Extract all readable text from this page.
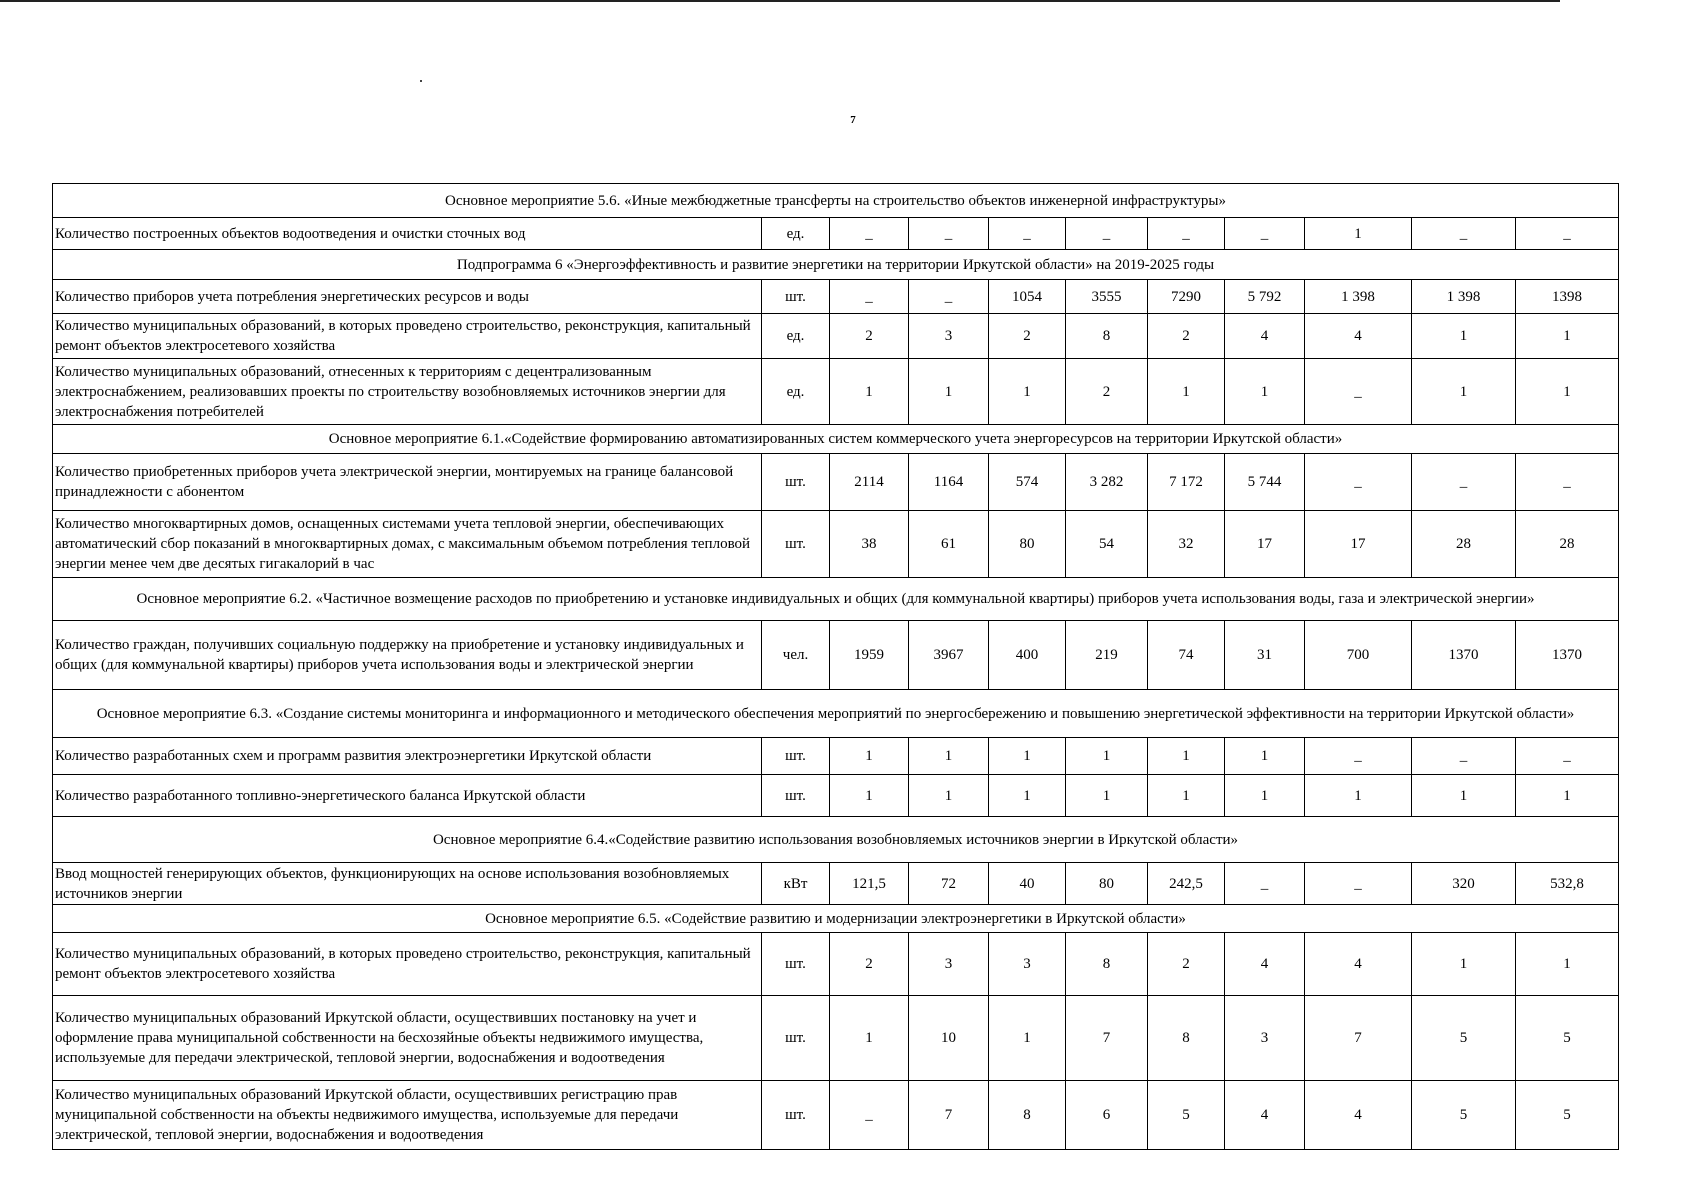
7
Основное мероприятие 5.6. «Иные межбюджетные трансферты на строительство объектов инженерной инфраструктуры»										
Количество построенных объектов водоотведения и очистки сточных вод	ед.	_	_	_	_	_	_	1	_	_
Подпрограмма 6 «Энергоэффективность и развитие энергетики на территории Иркутской области» на 2019-2025 годы										
Количество приборов учета потребления энергетических ресурсов и воды	шт.	_	_	1054	3555	7290	5 792	1 398	1 398	1398
Количество муниципальных образований, в которых проведено строительство, реконструкция, капитальный ремонт объектов электросетевого хозяйства	ед.	2	3	2	8	2	4	4	1	1
Количество муниципальных образований, отнесенных к территориям с децентрализованным электроснабжением, реализовавших проекты по строительству возобновляемых источников энергии для электроснабжения потребителей	ед.	1	1	1	2	1	1	_	1	1
Основное мероприятие 6.1.«Содействие формированию автоматизированных систем коммерческого учета энергоресурсов на территории Иркутской области»										
Количество приобретенных приборов учета электрической энергии, монтируемых на границе балансовой принадлежности с абонентом	шт.	2114	1164	574	3 282	7 172	5 744	_	_	_
Количество многоквартирных домов, оснащенных системами учета тепловой энергии, обеспечивающих автоматический сбор показаний в многоквартирных домах, с максимальным объемом потребления тепловой энергии менее чем две десятых гигакалорий в час	шт.	38	61	80	54	32	17	17	28	28
Основное мероприятие 6.2. «Частичное возмещение расходов по приобретению и установке индивидуальных и общих (для коммунальной квартиры) приборов учета использования воды, газа и электрической энергии»										
Количество граждан, получивших социальную поддержку на приобретение и установку индивидуальных и общих (для коммунальной квартиры) приборов учета использования воды и электрической энергии	чел.	1959	3967	400	219	74	31	700	1370	1370
Основное мероприятие 6.3. «Создание системы мониторинга и информационного и методического обеспечения мероприятий по энергосбережению и повышению энергетической эффективности на территории Иркутской области»										
Количество разработанных схем и программ развития электроэнергетики Иркутской области	шт.	1	1	1	1	1	1	_	_	_
Количество разработанного топливно-энергетического баланса Иркутской области	шт.	1	1	1	1	1	1	1	1	1
Основное мероприятие 6.4.«Содействие развитию использования возобновляемых источников энергии в Иркутской области»										
Ввод мощностей генерирующих объектов, функционирующих на основе использования возобновляемых источников энергии	кВт	121,5	72	40	80	242,5	_	_	320	532,8
Основное мероприятие 6.5. «Содействие развитию и модернизации электроэнергетики в Иркутской области»										
Количество муниципальных образований, в которых проведено строительство, реконструкция, капитальный ремонт объектов электросетевого хозяйства	шт.	2	3	3	8	2	4	4	1	1
Количество муниципальных образований Иркутской области, осуществивших постановку на учет и оформление права муниципальной собственности на бесхозяйные объекты недвижимого имущества, используемые для передачи электрической, тепловой энергии, водоснабжения и водоотведения	шт.	1	10	1	7	8	3	7	5	5
Количество муниципальных образований Иркутской области, осуществивших регистрацию прав муниципальной собственности на объекты недвижимого имущества, используемые для передачи электрической, тепловой энергии, водоснабжения и водоотведения	шт.	_	7	8	6	5	4	4	5	5
